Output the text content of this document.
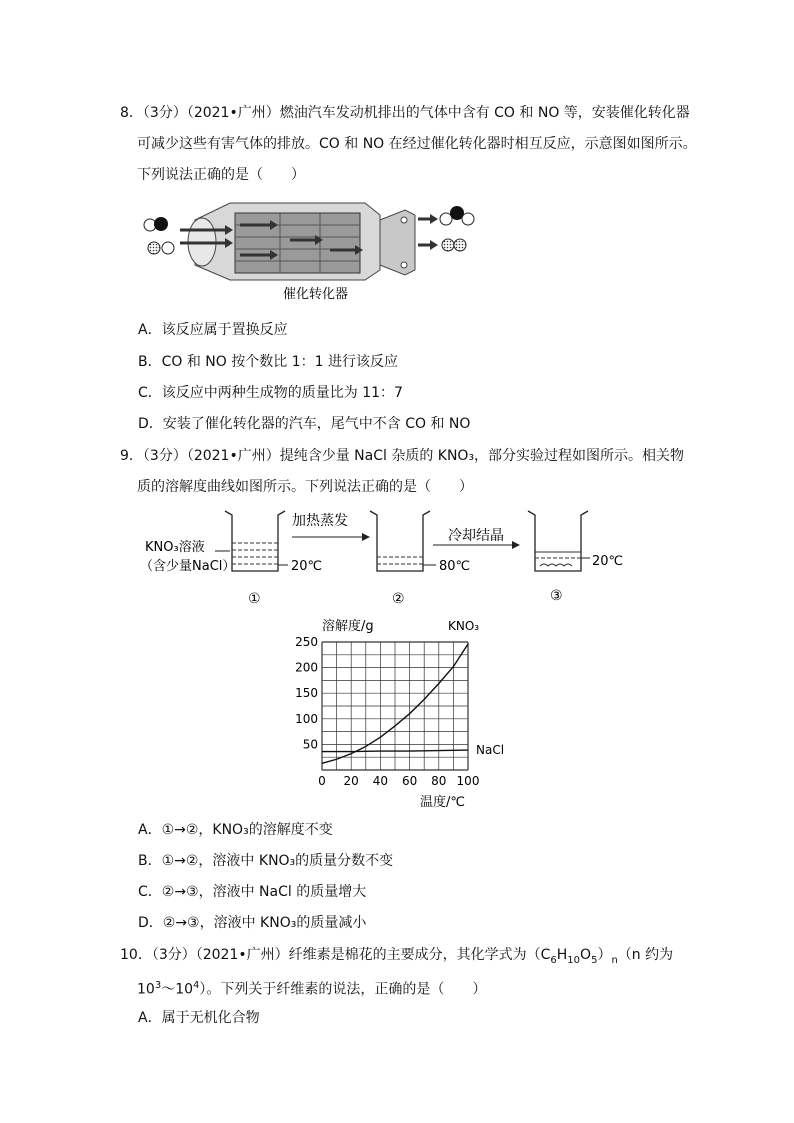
8．（3分）（2021•广州）燃油汽车发动机排出的气体中含有 CO 和 NO 等，安装催化转化器
可减少这些有害气体的排放。CO 和 NO 在经过催化转化器时相互反应，示意图如图所示。
下列说法正确的是（　　）
催化转化器
A．该反应属于置换反应
B．CO 和 NO 按个数比 1：1 进行该反应
C．该反应中两种生成物的质量比为 11：7
D．安装了催化转化器的汽车，尾气中不含 CO 和 NO
9．（3分）（2021•广州）提纯含少量 NaCl 杂质的 KNO₃，部分实验过程如图所示。相关物
质的溶解度曲线如图所示。下列说法正确的是（　　）
KNO₃溶液
（含少量NaCl）	20℃
①
加热蒸发
80℃
②
冷却结晶
20℃
③
溶解度/g
温度/℃
0 20 40 60 80 100
50
100
150
200
250
KNO₃
NaCl
A．①→②，KNO₃的溶解度不变
B．①→②，溶液中 KNO₃的质量分数不变
C．②→③，溶液中 NaCl 的质量增大
D．②→③，溶液中 KNO₃的质量减小
10．（3分）（2021•广州）纤维素是棉花的主要成分，其化学式为$(C_6H_{10}O_5)_n(n$ 约为
$10^3\sim 10^4$）。下列关于纤维素的说法，正确的是（　　）
A．属于无机化合物
